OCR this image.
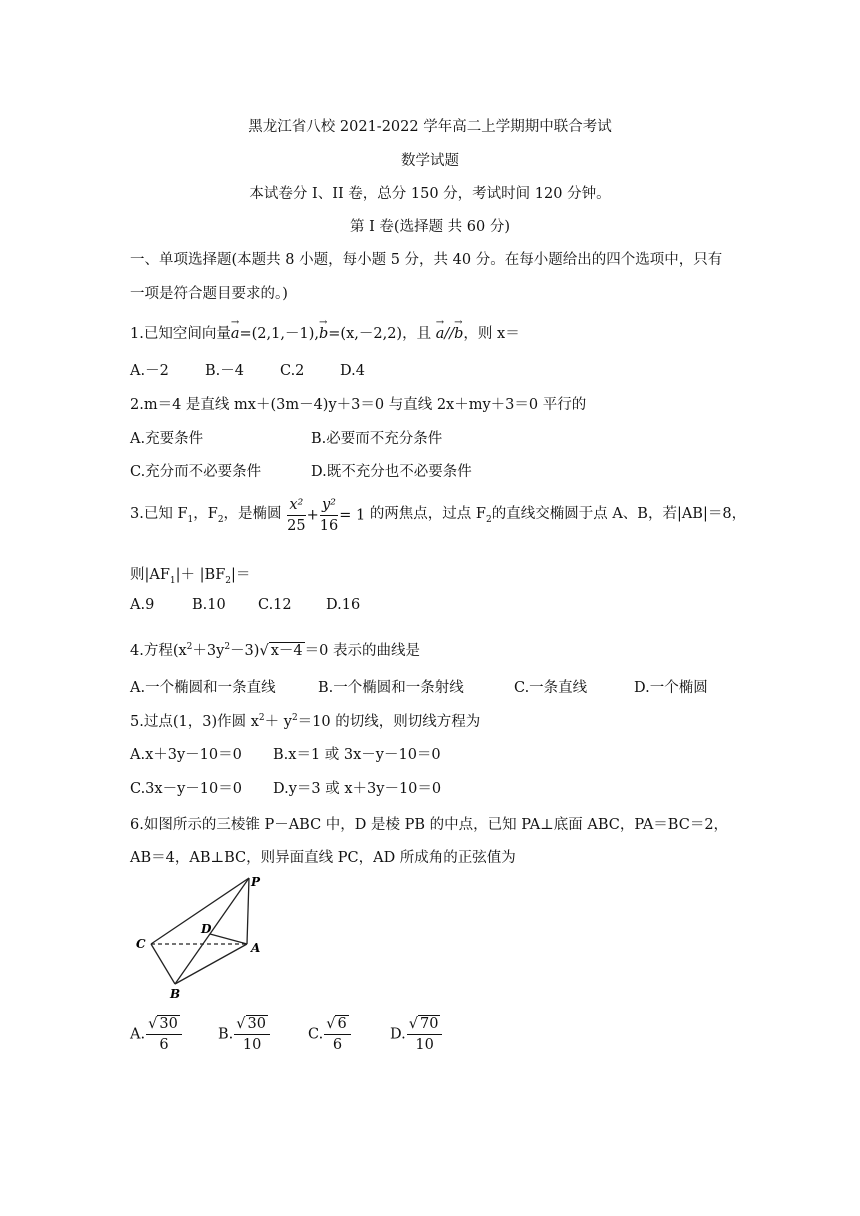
黑龙江省八校 2021-2022 学年高二上学期期中联合考试
数学试题
本试卷分 I、II 卷，总分 150 分，考试时间 120 分钟。
第 I 卷(选择题 共 60 分)
一、单项选择题(本题共 8 小题，每小题 5 分，共 40 分。在每小题给出的四个选项中，只有
一项是符合题目要求的。)
1.已知空间向量→ a=(2,1,－1),→ b=(x,－2,2)，且 → a//→ b，则 x＝
A.－2 B.－4 C.2 D.4
2.m＝4 是直线 mx＋(3m－4)y＋3＝0 与直线 2x＋my＋3＝0 平行的
A.充要条件	B.必要而不充分条件
C.充分而不必要条件	D.既不充分也不必要条件
3.已知 $F_1$，$F_2$，是椭圆 $\frac{\text{x²}}{25} + \frac{\text{y²}}{16} = 1$ 的两焦点，过点 $F_2$的直线交椭圆于点 A、B，若|AB|＝8，
则$|AF_1|+ |BF_2|=$
A.9	B.10 C.12 D.16
4.方程$(x^2+3y^2-3)√$ x－4 ＝0 表示的曲线是
A.一个椭圆和一条直线	B.一个椭圆和一条射线	C.一条直线	D.一个椭圆
5.过点(1，3)作圆 $x^2+ y^2=10$ 的切线，则切线方程为
A.x＋3y－10＝0 B.x＝1 或 3x－y－10＝0
C.3x－y－10＝0 D.y＝3 或 x＋3y－10＝0
6.如图所示的三棱锥 P－ABC 中，D 是棱 PB 的中点，已知 PA⊥底面 ABC，PA＝BC＝2，
AB＝4，AB⊥BC，则异面直线 PC，AD 所成角的正弦值为
P
C
D
A
B
A. $\frac{√ 30}{6} B$. $\frac{√ 30}{10}$	C. $\frac{√ 6}{6}$	D. $\frac{√ 70}{10}$
